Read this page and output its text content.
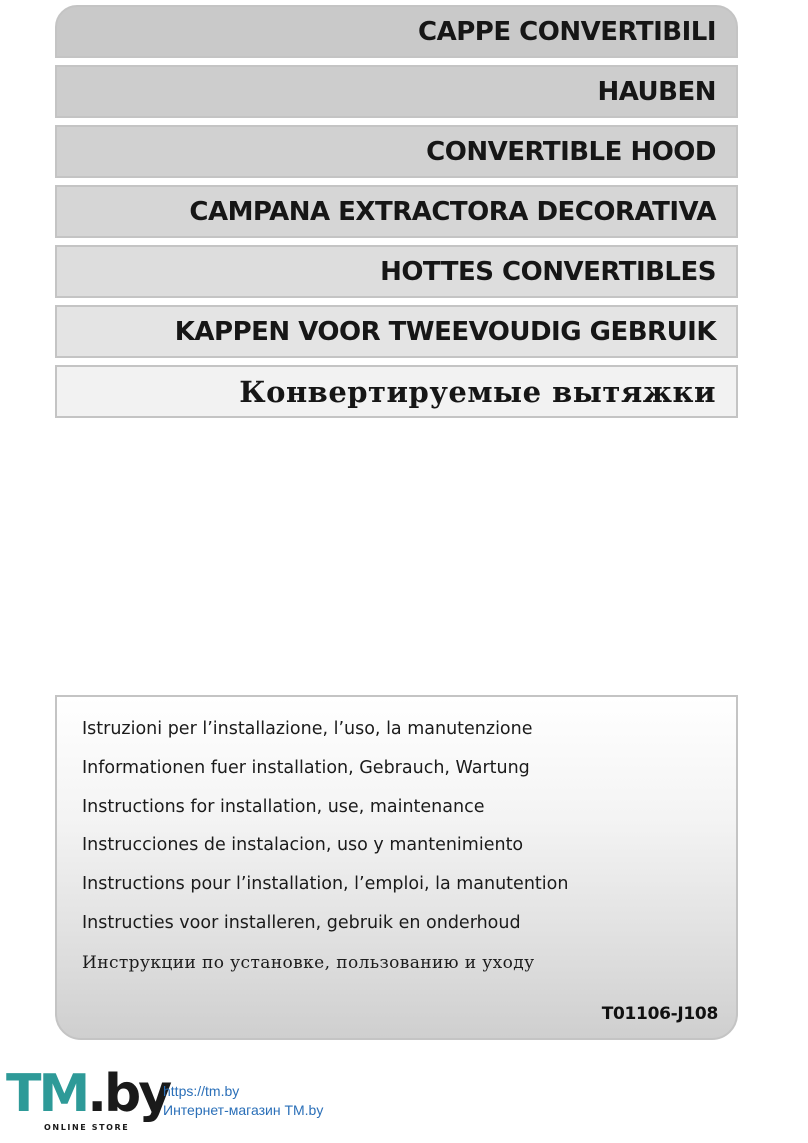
CAPPE CONVERTIBILI
HAUBEN
CONVERTIBLE HOOD
CAMPANA EXTRACTORA DECORATIVA
HOTTES CONVERTIBLES
KAPPEN VOOR TWEEVOUDIG GEBRUIK
Конвертируемые вытяжки
Istruzioni per l’installazione, l’uso, la manutenzione
Informationen fuer installation, Gebrauch, Wartung
Instructions for installation, use, maintenance
Instrucciones de instalacion, uso y mantenimiento
Instructions pour l’installation, l’emploi, la manutention
Instructies voor installeren, gebruik en onderhoud
Инструкции по установке, пользованию и уходу
T01106-J108
TM.by
ONLINE STORE
https://tm.by
Интернет-магазин TM.by
